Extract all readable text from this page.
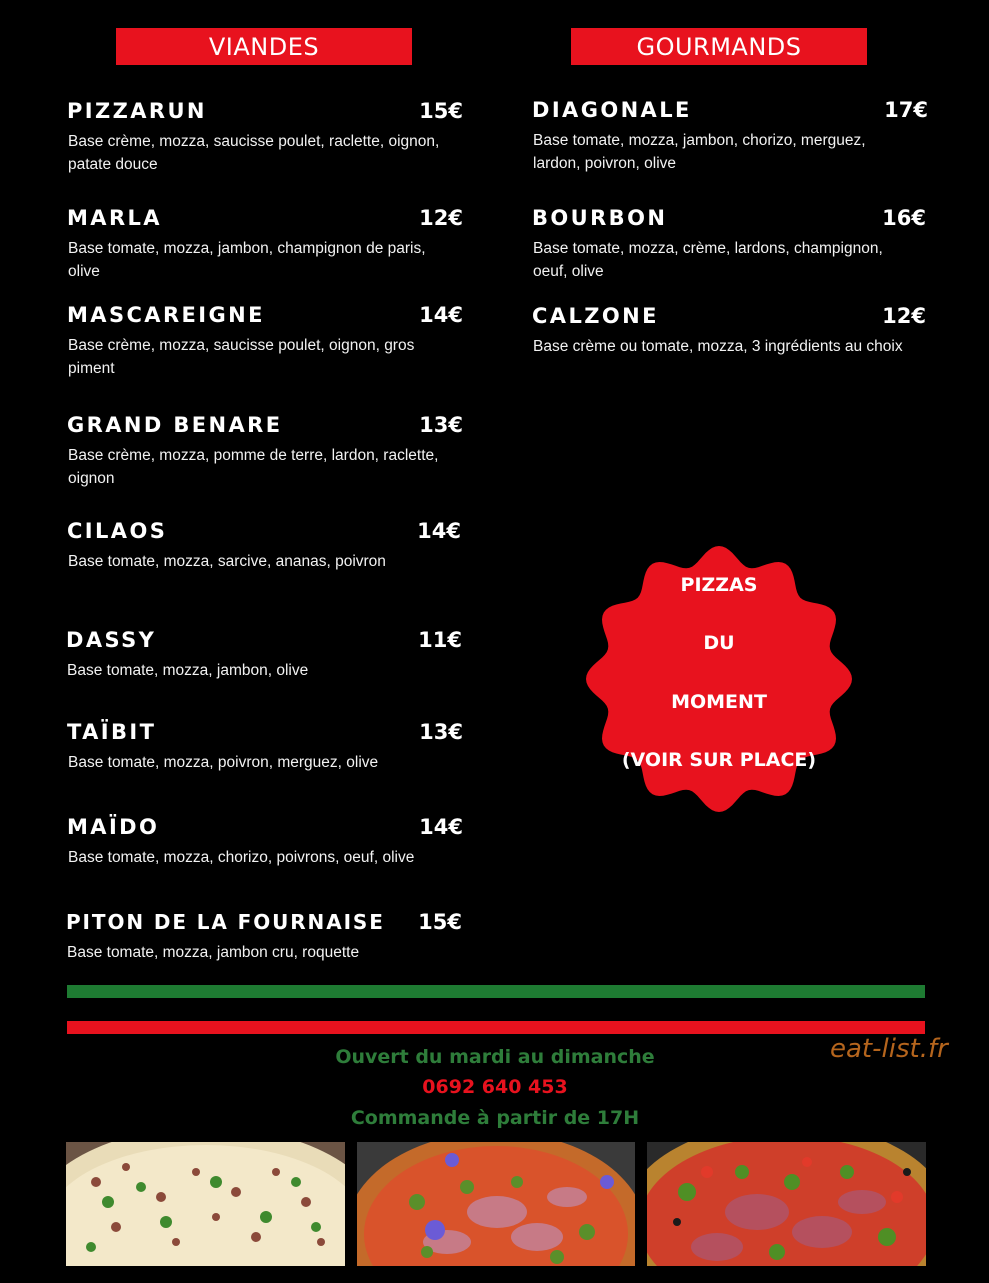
VIANDES	GOURMANDS
PIZZARUN	15€
Base crème, mozza, saucisse poulet, raclette, oignon, patate douce
MARLA	12€
Base tomate, mozza, jambon, champignon de paris, olive
MASCAREIGNE	14€
Base crème, mozza, saucisse poulet, oignon, gros piment
GRAND BENARE	13€
Base crème, mozza, pomme de terre, lardon, raclette, oignon
CILAOS	14€
Base tomate, mozza, sarcive, ananas, poivron
DASSY	11€
Base tomate, mozza, jambon, olive
TAÏBIT	13€
Base tomate, mozza, poivron, merguez, olive
MAÏDO	14€
Base tomate, mozza, chorizo, poivrons, oeuf, olive
PITON DE LA FOURNAISE 15€
Base tomate, mozza, jambon cru, roquette
DIAGONALE	17€
Base tomate, mozza, jambon, chorizo, merguez, lardon, poivron, olive
BOURBON	16€
Base tomate, mozza, crème, lardons, champignon, oeuf, olive
CALZONE	12€
Base crème ou tomate, mozza, 3 ingrédients au choix
PIZZAS
DU
MOMENT
(VOIR SUR PLACE)
Ouvert du mardi au dimanche
0692 640 453
Commande à partir de 17H
eat-list.fr
